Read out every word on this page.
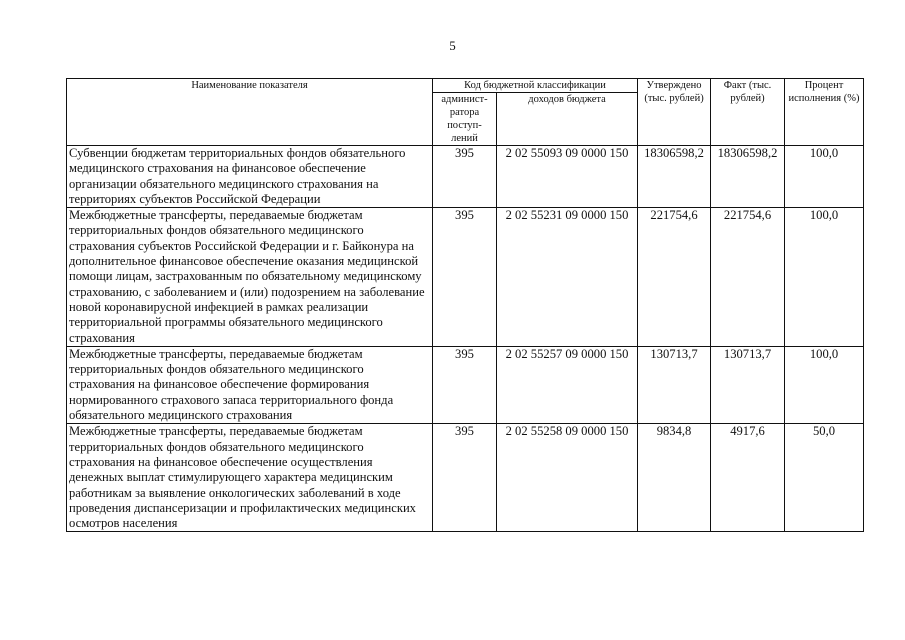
5
Наименование показателя	Код бюджетной классификации		Утверждено (тыс. рублей)	Факт (тыс. рублей)	Процент исполнения (%)
	админист-ратора поступ-лений	доходов бюджета			
Субвенции бюджетам территориальных фондов обязательного медицинского страхования на финансовое обеспечение организации обязательного медицинского страхования на территориях субъектов Российской Федерации	395	2 02 55093 09 0000 150	18306598,2	18306598,2	100,0
Межбюджетные трансферты, передаваемые бюджетам территориальных фондов обязательного медицинского страхования субъектов Российской Федерации и г. Байконура на дополнительное финансовое обеспечение оказания медицинской помощи лицам, застрахованным по обязательному медицинскому страхованию, с заболеванием и (или) подозрением на заболевание новой коронавирусной инфекцией в рамках реализации территориальной программы обязательного медицинского страхования	395	2 02 55231 09 0000 150	221754,6	221754,6	100,0
Межбюджетные трансферты, передаваемые бюджетам территориальных фондов обязательного медицинского страхования на финансовое обеспечение формирования нормированного страхового запаса территориального фонда обязательного медицинского страхования	395	2 02 55257 09 0000 150	130713,7	130713,7	100,0
Межбюджетные трансферты, передаваемые бюджетам территориальных фондов обязательного медицинского страхования на финансовое обеспечение осуществления денежных выплат стимулирующего характера медицинским работникам за выявление онкологических заболеваний в ходе проведения диспансеризации и профилактических медицинских осмотров населения	395	2 02 55258 09 0000 150	9834,8	4917,6	50,0
